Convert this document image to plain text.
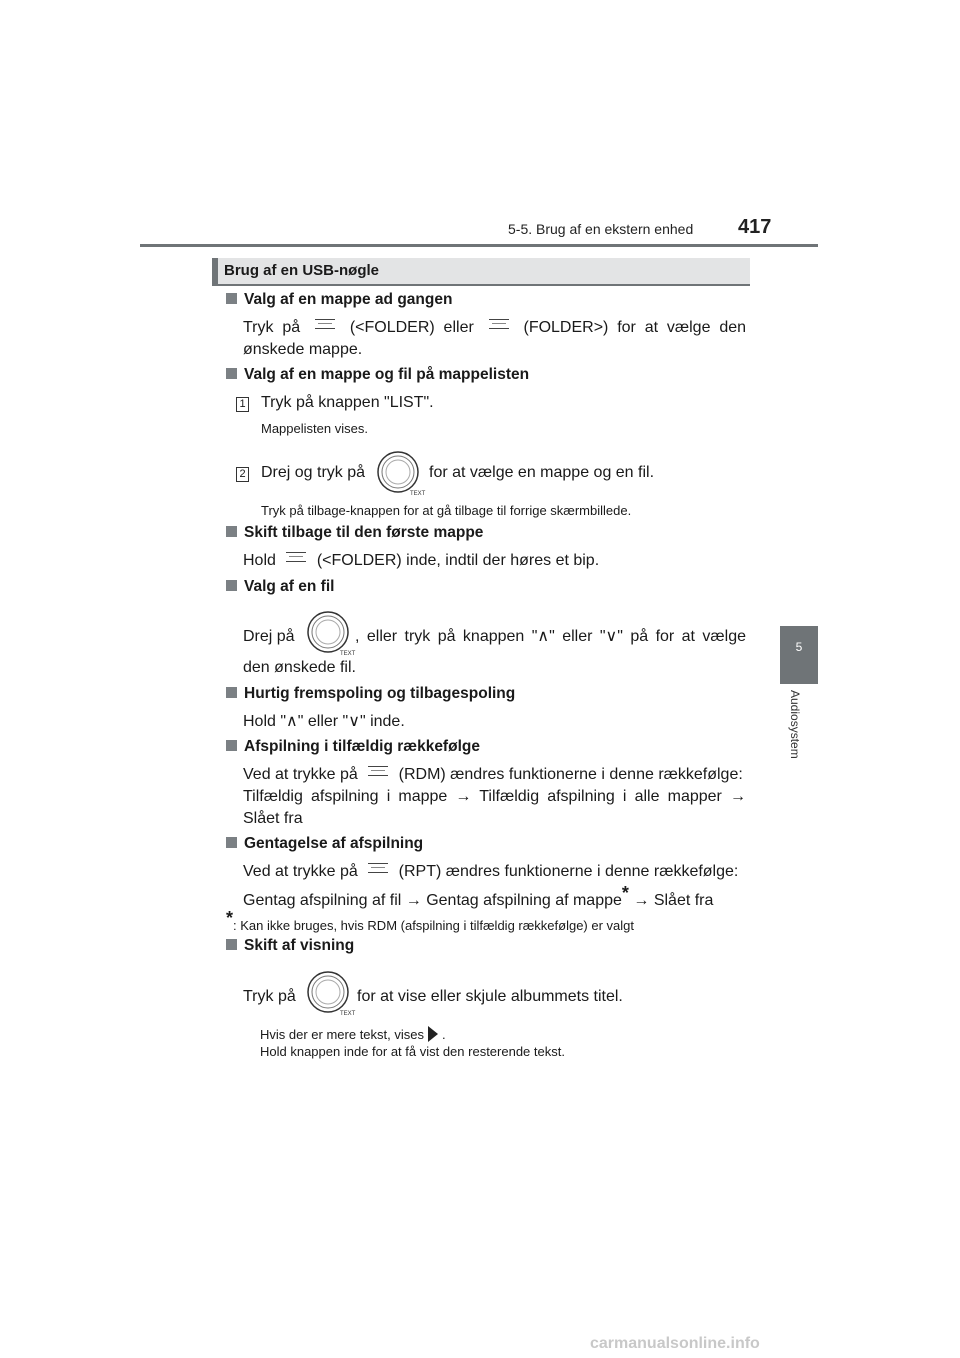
5-5. Brug af en ekstern enhed 417
5
Audiosystem
Brug af en USB-nøgle
Valg af en mappe ad gangen
Tryk på	(<FOLDER) eller	(FOLDER>) for at vælge den
ønskede mappe.
Valg af en mappe og fil på mappelisten
1 Tryk på knappen "LIST".
Mappelisten vises.
2 Drej og tryk på
TEXT
for at vælge en mappe og en fil.
Tryk på tilbage-knappen for at gå tilbage til forrige skærmbillede.
Skift tilbage til den første mappe
Hold	(<FOLDER) inde, indtil der høres et bip.
Valg af en fil
Drej på
TEXT
, eller tryk på knappen "∧" eller "∨" på for at vælge
den ønskede fil.
Hurtig fremspoling og tilbagespoling
Hold "∧" eller "∨" inde.
Afspilning i tilfældig rækkefølge
Ved at trykke på	(RDM) ændres funktionerne i denne rækkefølge:
Tilfældig afspilning i mappe → Tilfældig afspilning i alle mapper →
Slået fra
Gentagelse af afspilning
Ved at trykke på	(RPT) ændres funktionerne i denne rækkefølge:
Gentag afspilning af fil → Gentag afspilning af mappe* → Slået fra
*: Kan ikke bruges, hvis RDM (afspilning i tilfældig rækkefølge) er valgt
Skift af visning
Tryk på
TEXT
for at vise eller skjule albummets titel.
Hvis der er mere tekst, vises .
Hold knappen inde for at få vist den resterende tekst.
carmanualsonline.info
